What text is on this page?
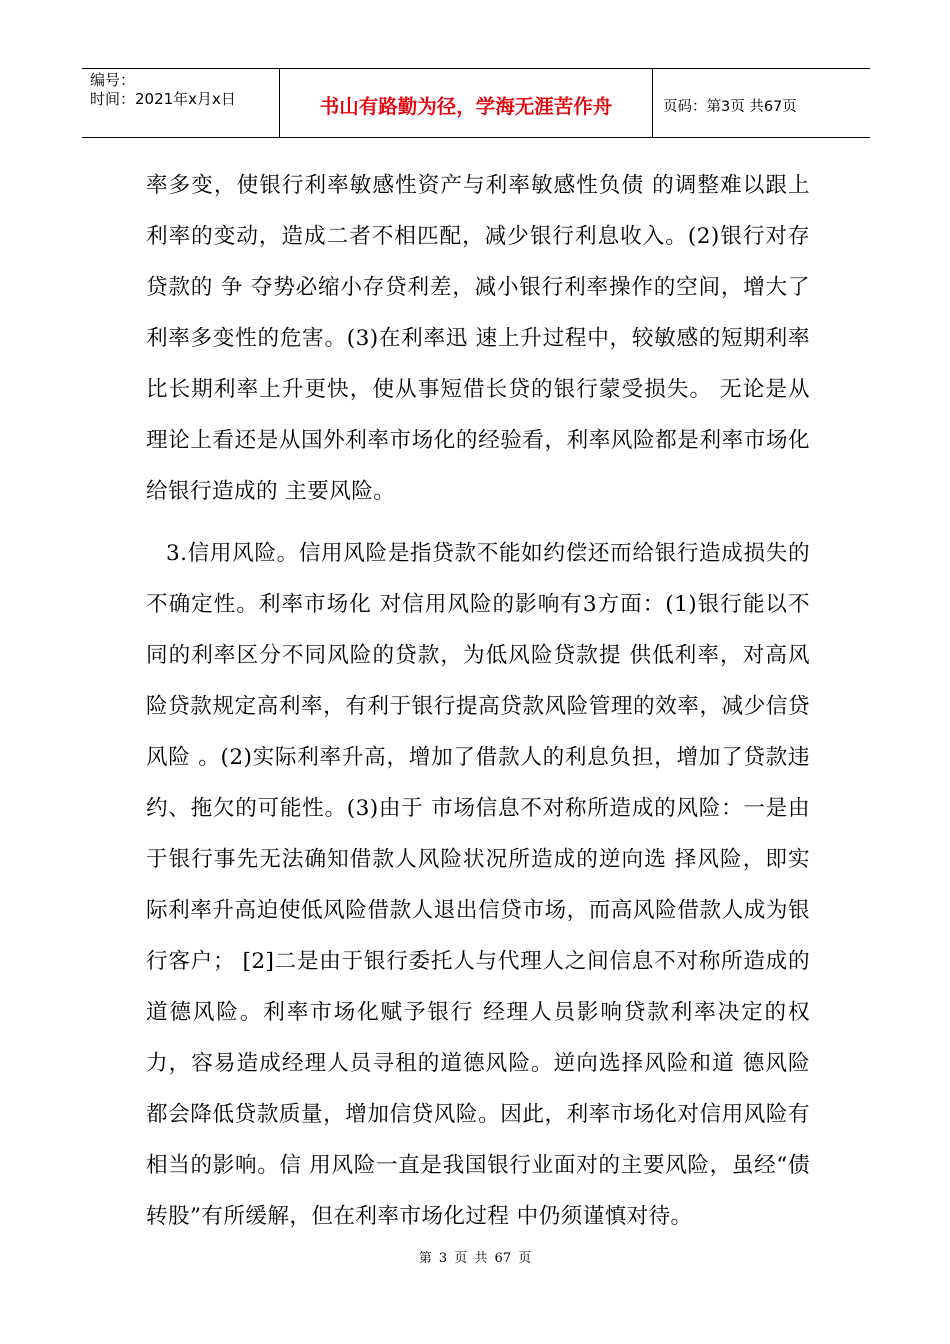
编号：
时间：2021年x月x日	书山有路勤为径，学海无涯苦作舟	页码：第3页 共67页

率多变，使银行利率敏感性资产与利率敏感性负债 的调整难以跟上利率的变动，造成二者不相匹配，减少银行利息收入。(2)银行对存贷款的 争 夺势必缩小存贷利差，减小银行利率操作的空间，增大了利率多变性的危害。(3)在利率迅 速上升过程中，较敏感的短期利率比长期利率上升更快，使从事短借长贷的银行蒙受损失。 无论是从理论上看还是从国外利率市场化的经验看，利率风险都是利率市场化给银行造成的 主要风险。

3.信用风险。信用风险是指贷款不能如约偿还而给银行造成损失的不确定性。利率市场化 对信用风险的影响有3方面：(1)银行能以不同的利率区分不同风险的贷款，为低风险贷款提 供低利率，对高风险贷款规定高利率，有利于银行提高贷款风险管理的效率，减少信贷风险 。(2)实际利率升高，增加了借款人的利息负担，增加了贷款违约、拖欠的可能性。(3)由于 市场信息不对称所造成的风险：一是由于银行事先无法确知借款人风险状况所造成的逆向选 择风险，即实际利率升高迫使低风险借款人退出信贷市场，而高风险借款人成为银行客户； [2]二是由于银行委托人与代理人之间信息不对称所造成的道德风险。利率市场化赋予银行 经理人员影响贷款利率决定的权力，容易造成经理人员寻租的道德风险。逆向选择风险和道 德风险都会降低贷款质量，增加信贷风险。因此，利率市场化对信用风险有相当的影响。信 用风险一直是我国银行业面对的主要风险，虽经“债转股”有所缓解，但在利率市场化过程 中仍须谨慎对待。

第 3 页 共 67 页
